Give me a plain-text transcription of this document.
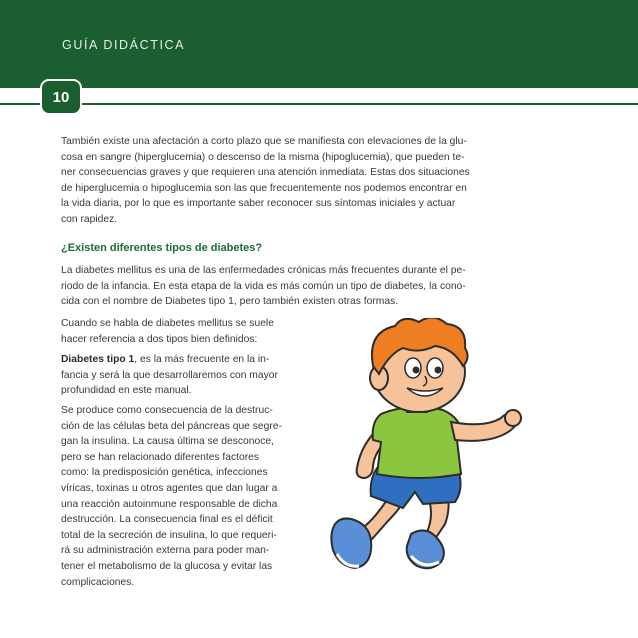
GUÍA DIDÁCTICA
10

También existe una afectación a corto plazo que se manifiesta con elevaciones de la glu-
cosa en sangre (hiperglucemia) o descenso de la misma (hipoglucemia), que pueden te-
ner consecuencias graves y que requieren una atención inmediata. Estas dos situaciones
de hiperglucemia o hipoglucemia son las que frecuentemente nos podemos encontrar en
la vida diaria, por lo que es importante saber reconocer sus síntomas iniciales y actuar
con rapidez.

¿Existen diferentes tipos de diabetes?

La diabetes mellitus es una de las enfermedades crónicas más frecuentes durante el pe-
riodo de la infancia. En esta etapa de la vida es más común un tipo de diabetes, la cono-
cida con el nombre de Diabetes tipo 1, pero también existen otras formas.

Cuando se habla de diabetes mellitus se suele
hacer referencia a dos tipos bien definidos:

Diabetes tipo 1, es la más frecuente en la in-
fancia y será la que desarrollaremos con mayor
profundidad en este manual.

Se produce como consecuencia de la destruc-
ción de las células beta del páncreas que segre-
gan la insulina. La causa última se desconoce,
pero se han relacionado diferentes factores
como: la predisposición genética, infecciones
víricas, toxinas u otros agentes que dan lugar a
una reacción autoinmune responsable de dicha
destrucción. La consecuencia final es el déficit
total de la secreción de insulina, lo que requeri-
rá su administración externa para poder man-
tener el metabolismo de la glucosa y evitar las
complicaciones.
